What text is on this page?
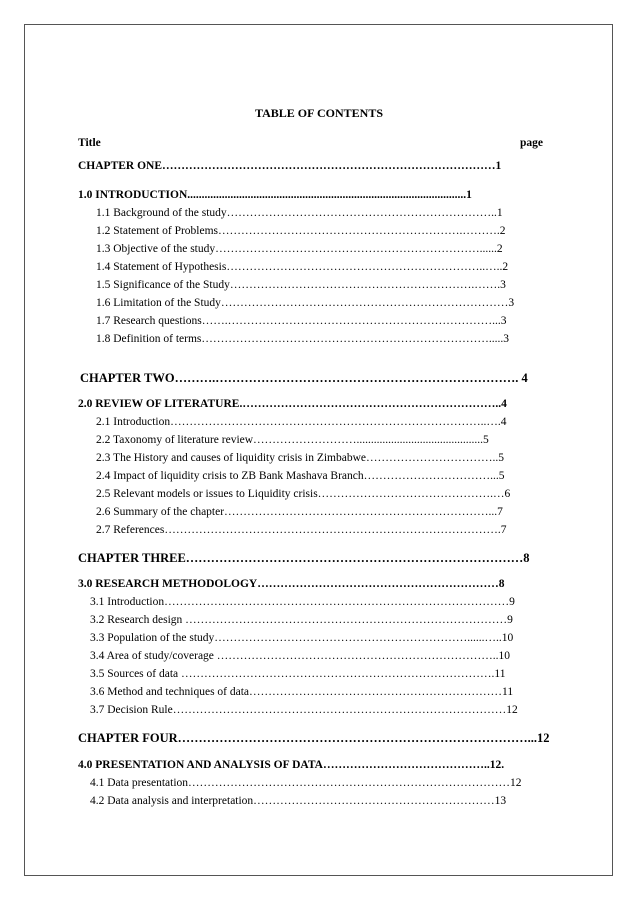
TABLE OF CONTENTS
Title	page
CHAPTER ONE……………………………………………………………………………1
1.0 INTRODUCTION.................................................................................................1
1.1 Background of the study……………………………………………………………..1
1.2 Statement of Problems……………………………………………………….……….2
1.3 Objective of the study……………………………………………………………......2
1.4 Statement of Hypothesis…………………………………………………………..…..2
1.5 Significance of the Study……………………………………………………….…….3
1.6 Limitation of the Study…………………………………………………………………3
1.7 Research questions…….……………………………………………………………...3
1.8 Definition of terms………………………………………………………………….....3
CHAPTER TWO……….………………………………………………………………. 4
2.0 REVIEW OF LITERATURE.…………………………………………………………..4
2.1 Introduction………………………………………………………………………..….4
2.2 Taxonomy of literature review………………………............................................5
2.3 The History and causes of liquidity crisis in Zimbabwe……………………………..5
2.4 Impact of liquidity crisis to ZB Bank Mashava Branch……………………………...5
2.5 Relevant models or issues to Liquidity crisis……………………………………….…6
2.6 Summary of the chapter……………………………………………………………...7
2.7 References…………………………………………………………………………….7
CHAPTER THREE………………………………………………………………………8
3.0 RESEARCH METHODOLOGY………………………………………………………8
3.1 Introduction………………………………………………………………………………9
3.2 Research design …………………………………………………………………………9
3.3 Population of the study…………………………………………………………......…..10
3.4 Area of study/coverage ………………………………………………………………..10
3.5 Sources of data ……………………………………………………………………….11
3.6 Method and techniques of data…………………………………………………………11
3.7 Decision Rule……………………………………………………………………………12
CHAPTER FOUR…………………………………………………………………………...12
4.0 PRESENTATION AND ANALYSIS OF DATA……………………………………..12.
4.1 Data presentation…………………………………………………………………………12
4.2 Data analysis and interpretation………………………………………………………13
